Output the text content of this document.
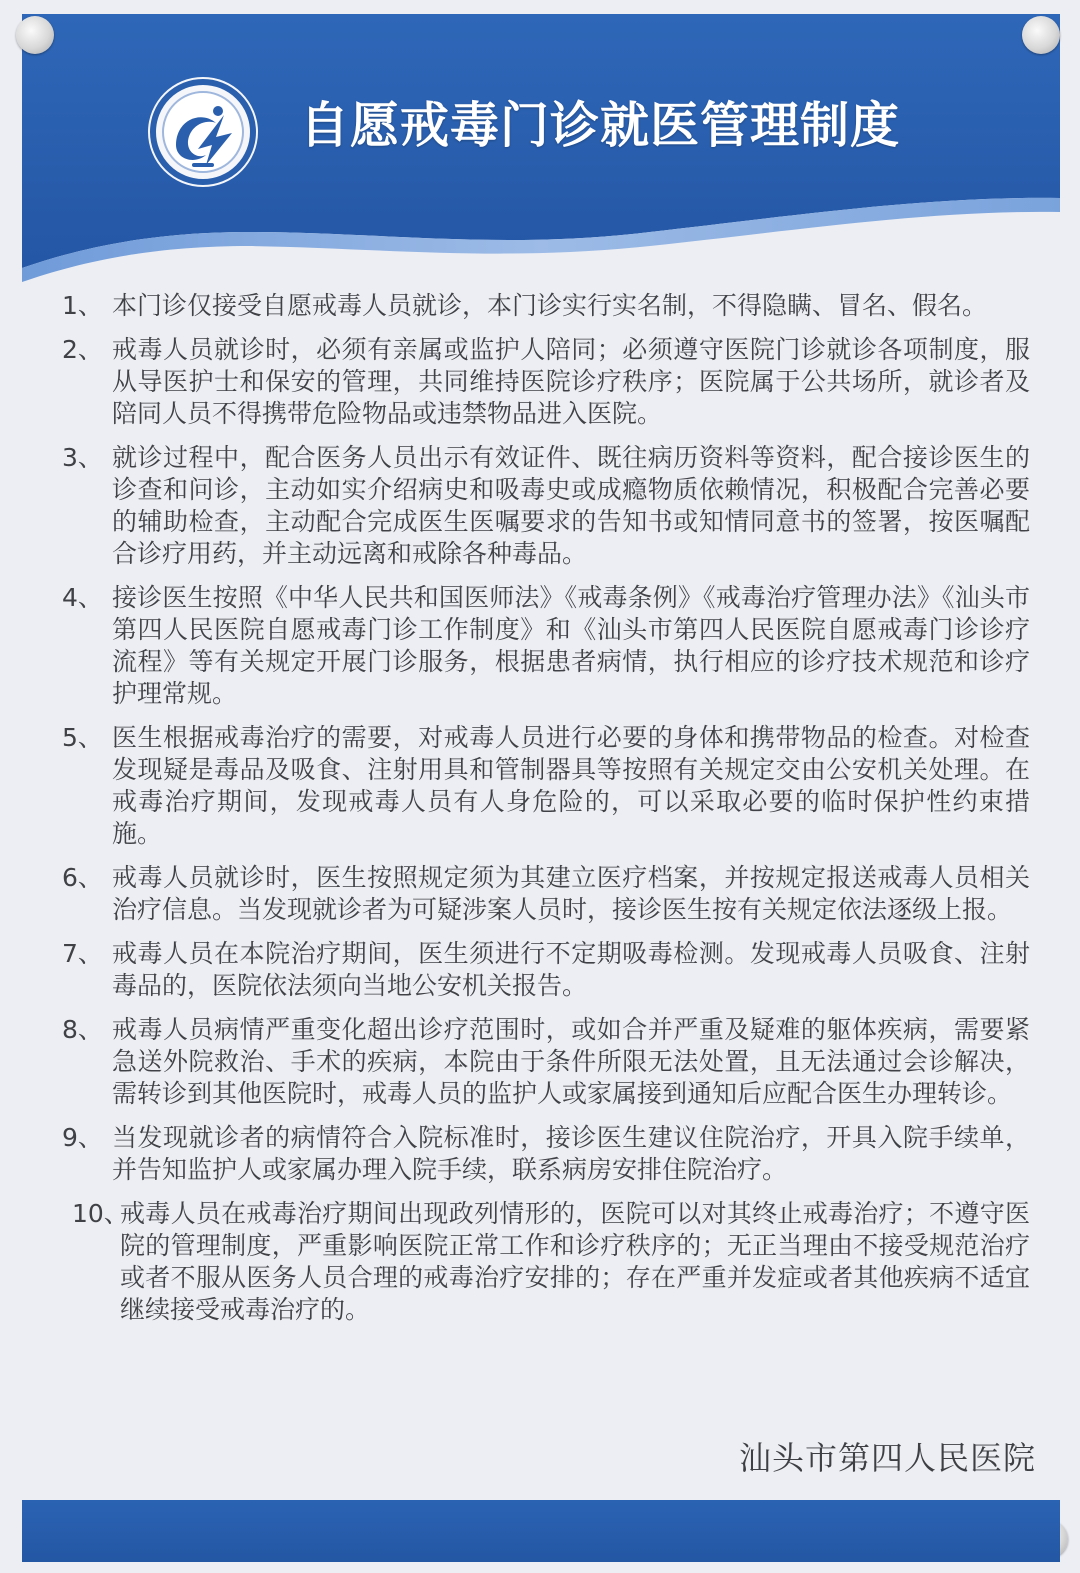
自愿戒毒门诊就医管理制度
1、 本门诊仅接受自愿戒毒人员就诊，本门诊实行实名制，不得隐瞒、冒名、假名。
2、 戒毒人员就诊时，必须有亲属或监护人陪同；必须遵守医院门诊就诊各项制度，服从导医护士和保安的管理，共同维持医院诊疗秩序；医院属于公共场所，就诊者及陪同人员不得携带危险物品或违禁物品进入医院。
3、 就诊过程中，配合医务人员出示有效证件、既往病历资料等资料，配合接诊医生的诊查和问诊，主动如实介绍病史和吸毒史或成瘾物质依赖情况，积极配合完善必要的辅助检查，主动配合完成医生医嘱要求的告知书或知情同意书的签署，按医嘱配合诊疗用药，并主动远离和戒除各种毒品。
4、 接诊医生按照《中华人民共和国医师法》《戒毒条例》《戒毒治疗管理办法》《汕头市第四人民医院自愿戒毒门诊工作制度》和《汕头市第四人民医院自愿戒毒门诊诊疗流程》等有关规定开展门诊服务，根据患者病情，执行相应的诊疗技术规范和诊疗护理常规。
5、 医生根据戒毒治疗的需要，对戒毒人员进行必要的身体和携带物品的检查。对检查发现疑是毒品及吸食、注射用具和管制器具等按照有关规定交由公安机关处理。在戒毒治疗期间，发现戒毒人员有人身危险的，可以采取必要的临时保护性约束措施。
6、 戒毒人员就诊时，医生按照规定须为其建立医疗档案，并按规定报送戒毒人员相关治疗信息。当发现就诊者为可疑涉案人员时，接诊医生按有关规定依法逐级上报。
7、 戒毒人员在本院治疗期间，医生须进行不定期吸毒检测。发现戒毒人员吸食、注射毒品的，医院依法须向当地公安机关报告。
8、 戒毒人员病情严重变化超出诊疗范围时，或如合并严重及疑难的躯体疾病，需要紧急送外院救治、手术的疾病，本院由于条件所限无法处置，且无法通过会诊解决，需转诊到其他医院时，戒毒人员的监护人或家属接到通知后应配合医生办理转诊。
9、 当发现就诊者的病情符合入院标准时，接诊医生建议住院治疗，开具入院手续单，并告知监护人或家属办理入院手续，联系病房安排住院治疗。
10、
戒毒人员在戒毒治疗期间出现政列情形的，医院可以对其终止戒毒治疗；不遵守医院的管理制度，严重影响医院正常工作和诊疗秩序的；无正当理由不接受规范治疗或者不服从医务人员合理的戒毒治疗安排的；存在严重并发症或者其他疾病不适宜继续接受戒毒治疗的。

汕头市第四人民医院
